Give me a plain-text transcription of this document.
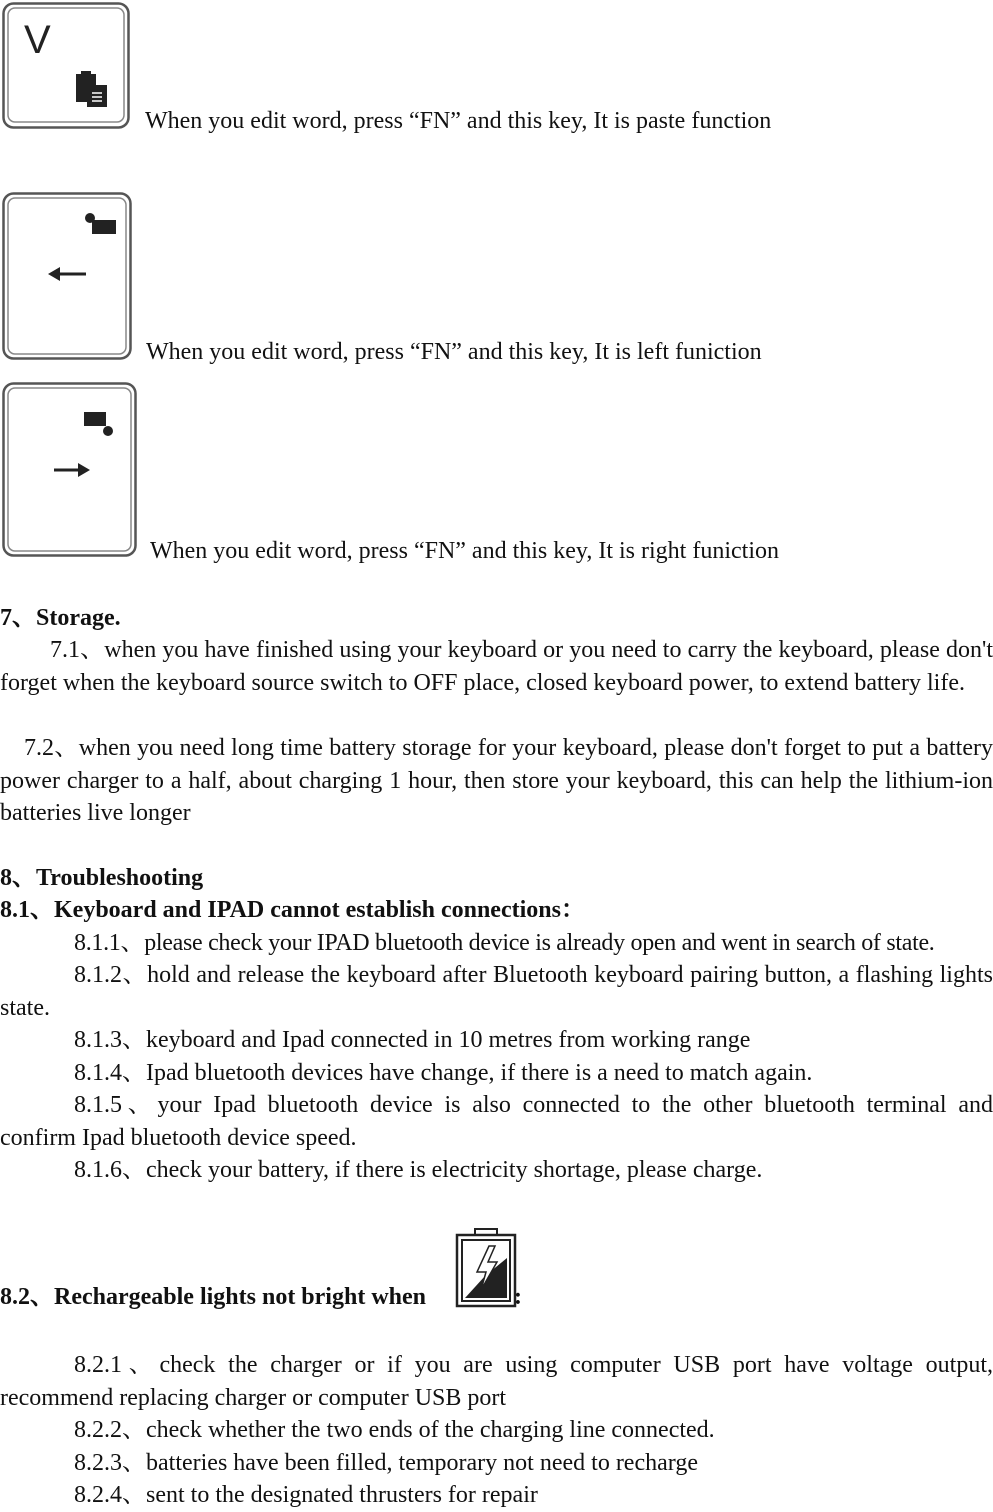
V
When you edit word, press “FN” and this key, It is paste function
When you edit word, press “FN” and this key, It is left funiction
When you edit word, press “FN” and this key, It is right funiction
7、Storage.
7.1、when you have finished using your keyboard or you need to carry the keyboard, please don't forget when the keyboard source switch to OFF place, closed keyboard power, to extend battery life.
7.2、when you need long time battery storage for your keyboard, please don't forget to put a battery power charger to a half, about charging 1 hour, then store your keyboard, this can help the lithium-ion batteries live longer
8、Troubleshooting
8.1、Keyboard and IPAD cannot establish connections：
8.1.1、please check your IPAD bluetooth device is already open and went in search of state.
8.1.2、hold and release the keyboard after Bluetooth keyboard pairing button, a flashing lights state.
8.1.3、keyboard and Ipad connected in 10 metres from working range
8.1.4、Ipad bluetooth devices have change, if there is a need to match again.
8.1.5、your Ipad bluetooth device is also connected to the other bluetooth terminal and confirm Ipad bluetooth device speed.
8.1.6、check your battery, if there is electricity shortage, please charge.
8.2、Rechargeable lights not bright when	:
8.2.1、check the charger or if you are using computer USB port have voltage output, recommend replacing charger or computer USB port
8.2.2、check whether the two ends of the charging line connected.
8.2.3、batteries have been filled, temporary not need to recharge
8.2.4、sent to the designated thrusters for repair
